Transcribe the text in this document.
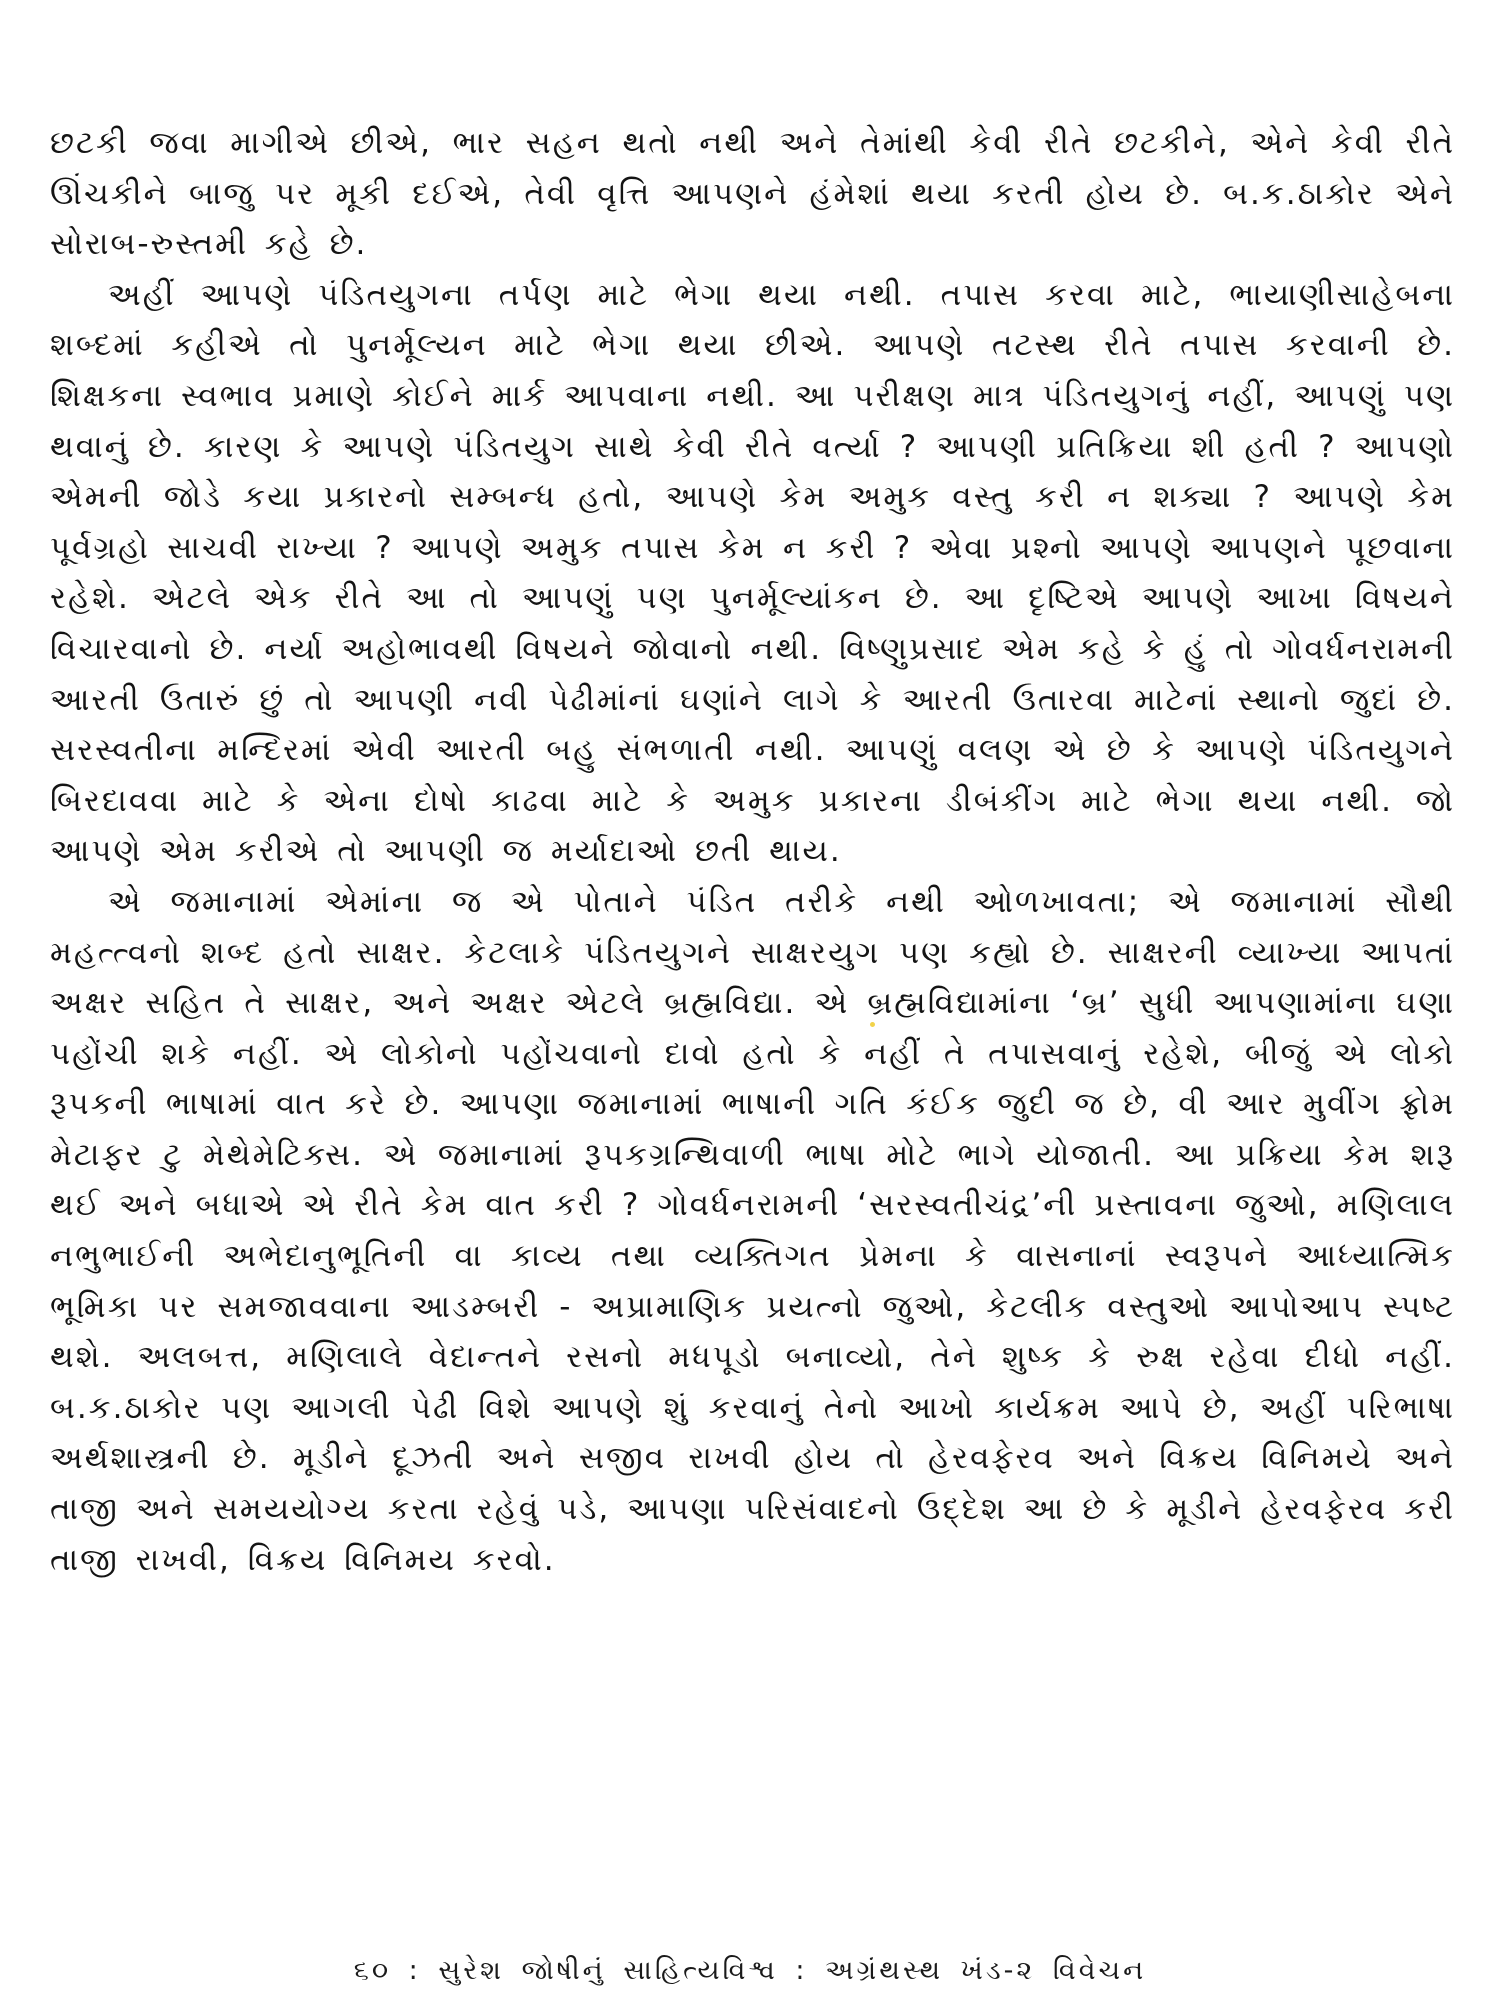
છટકી જવા માગીએ છીએ, ભાર સહન થતો નથી અને તેમાંથી કેવી રીતે છટકીને, એને કેવી રીતે ઊંચકીને બાજુ પર મૂકી દઈએ, તેવી વૃત્તિ આપણને હંમેશાં થયા કરતી હોય છે. બ.ક.ઠાકોર એને સોરાબ-રુસ્તમી કહે છે.

અહીં આપણે પંડિતયુગના તર્પણ માટે ભેગા થયા નથી. તપાસ કરવા માટે, ભાયાણીસાહેબના શબ્દમાં કહીએ તો પુનર્મૂલ્યન માટે ભેગા થયા છીએ. આપણે તટસ્થ રીતે તપાસ કરવાની છે. શિક્ષકના સ્વભાવ પ્રમાણે કોઈને માર્ક આપવાના નથી. આ પરીક્ષણ માત્ર પંડિતયુગનું નહીં, આપણું પણ થવાનું છે. કારણ કે આપણે પંડિતયુગ સાથે કેવી રીતે વર્ત્યા ? આપણી પ્રતિક્રિયા શી હતી ? આપણો એમની જોડે કયા પ્રકારનો સમ્બન્ધ હતો, આપણે કેમ અમુક વસ્તુ કરી ન શક્યા ? આપણે કેમ પૂર્વગ્રહો સાચવી રાખ્યા ? આપણે અમુક તપાસ કેમ ન કરી ? એવા પ્રશ્નો આપણે આપણને પૂછવાના રહેશે. એટલે એક રીતે આ તો આપણું પણ પુનર્મૂલ્યાંકન છે. આ દૃષ્ટિએ આપણે આખા વિષયને વિચારવાનો છે. નર્યા અહોભાવથી વિષયને જોવાનો નથી. વિષ્ણુપ્રસાદ એમ કહે કે હું તો ગોવર્ધનરામની આરતી ઉતારું છું તો આપણી નવી પેઢીમાંનાં ઘણાંને લાગે કે આરતી ઉતારવા માટેનાં સ્થાનો જુદાં છે. સરસ્વતીના મન્દિરમાં એવી આરતી બહુ સંભળાતી નથી. આપણું વલણ એ છે કે આપણે પંડિતયુગને બિરદાવવા માટે કે એના દોષો કાઢવા માટે કે અમુક પ્રકારના ડીબંકીંગ માટે ભેગા થયા નથી. જો આપણે એમ કરીએ તો આપણી જ મર્યાદાઓ છતી થાય.

એ જમાનામાં એમાંના જ એ પોતાને પંડિત તરીકે નથી ઓળખાવતા; એ જમાનામાં સૌથી મહત્ત્વનો શબ્દ હતો સાક્ષર. કેટલાકે પંડિતયુગને સાક્ષરયુગ પણ કહ્યો છે. સાક્ષરની વ્યાખ્યા આપતાં અક્ષર સહિત તે સાક્ષર, અને અક્ષર એટલે બ્રહ્મવિદ્યા. એ બ્રહ્મવિદ્યામાંના ‘બ્ર’ સુધી આપણામાંના ઘણા પહોંચી શકે નહીં. એ લોકોનો પહોંચવાનો દાવો હતો કે નહીં તે તપાસવાનું રહેશે, બીજું એ લોકો રૂપકની ભાષામાં વાત કરે છે. આપણા જમાનામાં ભાષાની ગતિ કંઈક જુદી જ છે, વી આર મુવીંગ ફ્રોમ મેટાફર ટુ મેથેમેટિક્સ. એ જમાનામાં રૂપકગ્રન્થિવાળી ભાષા મોટે ભાગે યોજાતી. આ પ્રક્રિયા કેમ શરૂ થઈ અને બધાએ એ રીતે કેમ વાત કરી ? ગોવર્ધનરામની ‘સરસ્વતીચંદ્ર’ની પ્રસ્તાવના જુઓ, મણિલાલ નભુભાઈની અભેદાનુભૂતિની વા કાવ્ય તથા વ્યક્તિગત પ્રેમના કે વાસનાનાં સ્વરૂપને આધ્યાત્મિક ભૂમિકા પર સમજાવવાના આડમ્બરી - અપ્રામાણિક પ્રયત્નો જુઓ, કેટલીક વસ્તુઓ આપોઆપ સ્પષ્ટ થશે. અલબત્ત, મણિલાલે વેદાન્તને રસનો મધપૂડો બનાવ્યો, તેને શુષ્ક કે રુક્ષ રહેવા દીધો નહીં. બ.ક.ઠાકોર પણ આગલી પેઢી વિશે આપણે શું કરવાનું તેનો આખો કાર્યક્રમ આપે છે, અહીં પરિભાષા અર્થશાસ્ત્રની છે. મૂડીને દૂઝતી અને સજીવ રાખવી હોય તો હેરવફેરવ અને વિક્રય વિનિમયે અને તાજી અને સમયયોગ્ય કરતા રહેવું પડે, આપણા પરિસંવાદનો ઉદ્દેશ આ છે કે મૂડીને હેરવફેરવ કરી તાજી રાખવી, વિક્રય વિનિમય કરવો.

૬૦ : સુરેશ જોષીનું સાહિત્યવિશ્વ : અગ્રંથસ્થ ખંડ-૨ વિવેચન
